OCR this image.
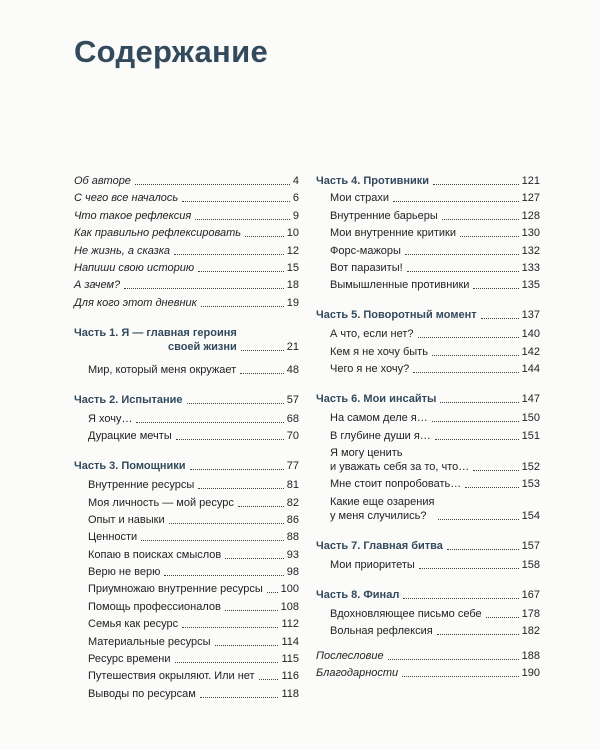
Содержание
Об авторе	4
С чего все началось	6
Что такое рефлексия	9
Как правильно рефлексировать	10
Не жизнь, а сказка	12
Напиши свою историю	15
А зачем?	18
Для кого этот дневник	19
Часть 1. Я — главная героиня
своей жизни	21
Мир, который меня окружает	48
Часть 2. Испытание	57
Я хочу…	68
Дурацкие мечты	70
Часть 3. Помощники	77
Внутренние ресурсы	81
Моя личность — мой ресурс	82
Опыт и навыки	86
Ценности	88
Копаю в поисках смыслов	93
Верю не верю	98
Приумножаю внутренние ресурсы 100
Помощь профессионалов	108
Семья как ресурс	112
Материальные ресурсы	114
Ресурс времени	115
Путешествия окрыляют. Или нет 116
Выводы по ресурсам	118
Часть 4. Противники	121
Мои страхи	127
Внутренние барьеры	128
Мои внутренние критики	130
Форс-мажоры	132
Вот паразиты!	133
Вымышленные противники	135
Часть 5. Поворотный момент	137
А что, если нет?	140
Кем я не хочу быть	142
Чего я не хочу?	144
Часть 6. Мои инсайты	147
На самом деле я…	150
В глубине души я…	151
Я могу ценить
и уважать себя за то, что…	152
Мне стоит попробовать…	153
Какие еще озарения
у меня случились?	154
Часть 7. Главная битва	157
Мои приоритеты	158
Часть 8. Финал	167
Вдохновляющее письмо себе	178
Вольная рефлексия	182
Послесловие	188
Благодарности	190
